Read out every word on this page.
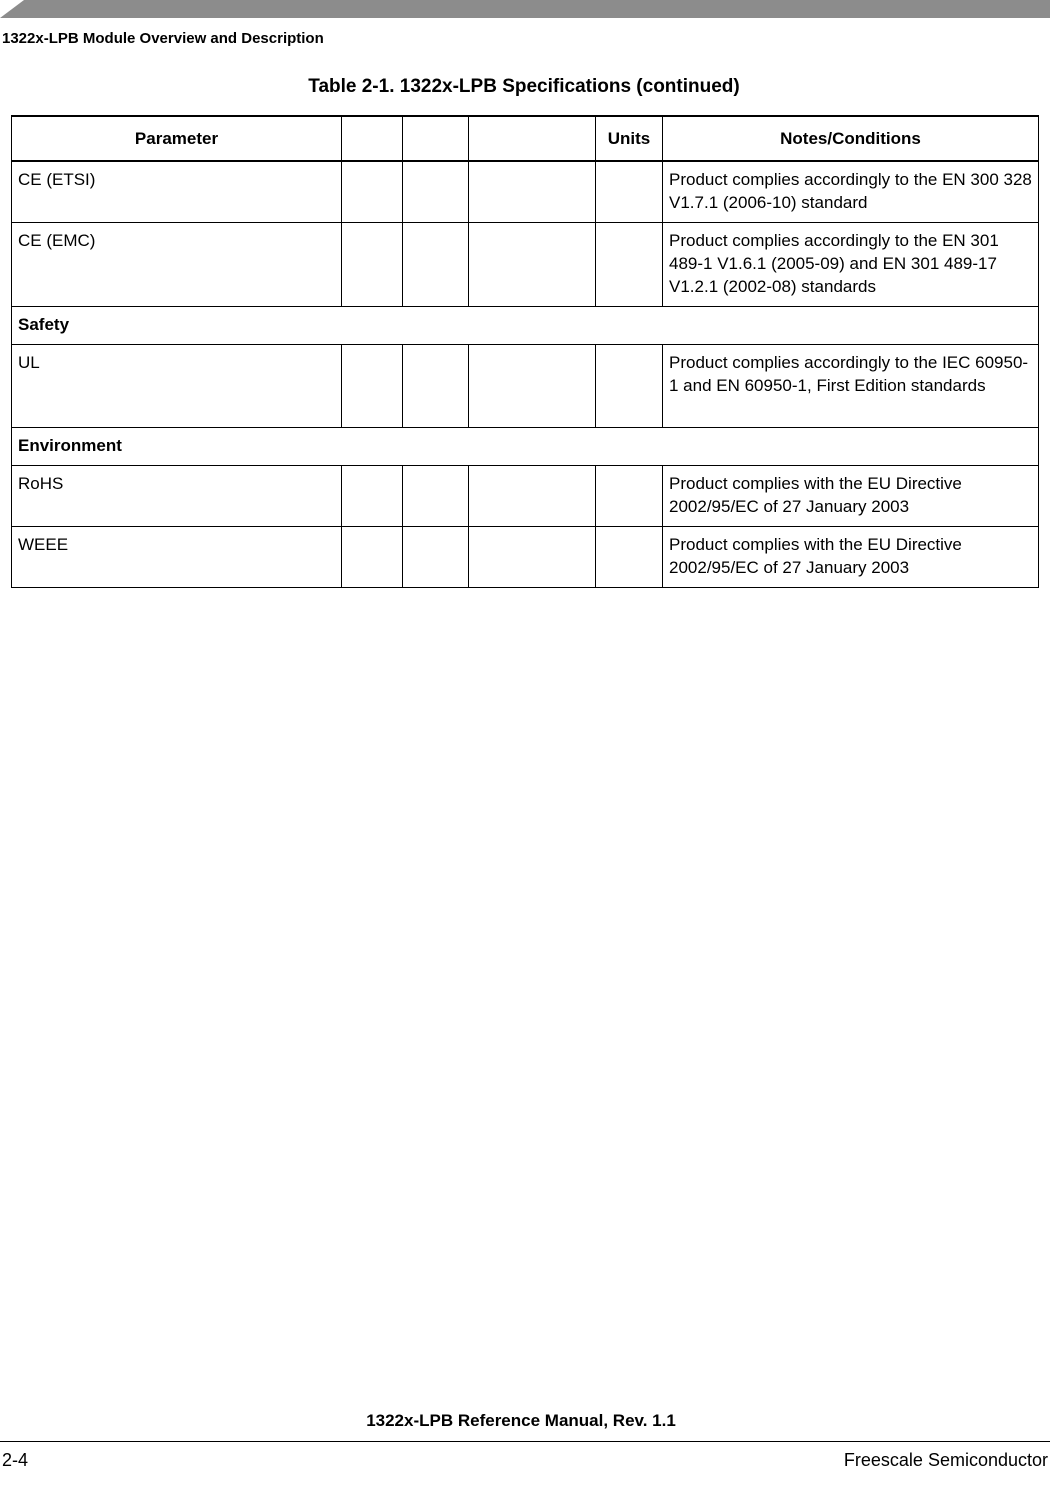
1322x-LPB Module Overview and Description

Table 2-1. 1322x-LPB Specifications (continued)

Parameter				Units	Notes/Conditions
CE (ETSI)					Product complies accordingly to the EN 300 328 V1.7.1 (2006-10) standard
CE (EMC)					Product complies accordingly to the EN 301 489-1 V1.6.1 (2005-09) and EN 301 489-17 V1.2.1 (2002-08) standards
Safety					
UL					Product complies accordingly to the IEC 60950-1 and EN 60950-1, First Edition standards
Environment					
RoHS					Product complies with the EU Directive 2002/95/EC of 27 January 2003
WEEE					Product complies with the EU Directive 2002/95/EC of 27 January 2003

1322x-LPB Reference Manual, Rev. 1.1

2-4	Freescale Semiconductor
